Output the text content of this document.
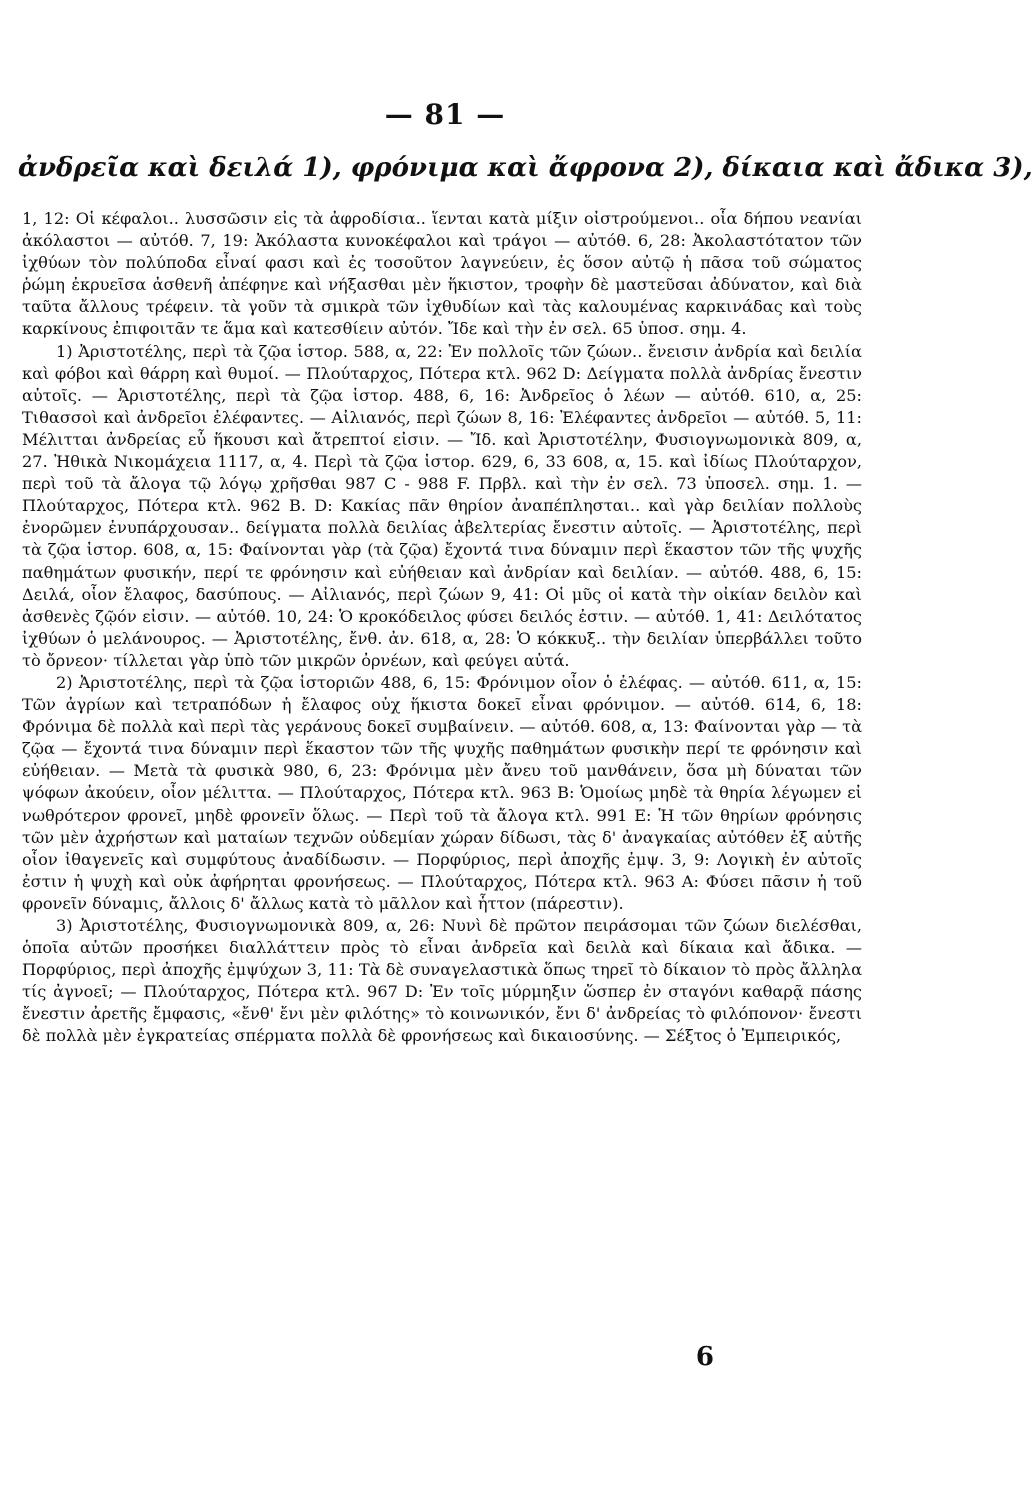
— 81 —
ἀνδρεῖα καὶ δειλά 1), φρόνιμα καὶ ἄφρονα 2), δίκαια καὶ ἄδικα 3),

1, 12: Οἱ κέφαλοι.. λυσσῶσιν εἰς τὰ ἀφροδίσια.. ἵενται κατὰ μίξιν οἰστρούμενοι.. οἷα δήπου νεανίαι ἀκόλαστοι — αὐτόθ. 7, 19: Ἀκόλαστα κυνοκέφαλοι καὶ τράγοι — αὐτόθ. 6, 28: Ἀκολαστότατον τῶν ἰχθύων τὸν πολύποδα εἶναί φασι καὶ ἐς τοσοῦτον λαγνεύειν, ἐς ὅσον αὐτῷ ἡ πᾶσα τοῦ σώματος ῥώμη ἐκρυεῖσα ἀσθενῆ ἀπέφηνε καὶ νήξασθαι μὲν ἥκιστον, τροφὴν δὲ μαστεῦσαι ἀδύνατον, καὶ διὰ ταῦτα ἄλλους τρέφειν. τὰ γοῦν τὰ σμικρὰ τῶν ἰχθυδίων καὶ τὰς καλουμένας καρκινάδας καὶ τοὺς καρκίνους ἐπιφοιτᾶν τε ἅμα καὶ κατεσθίειν αὐτόν. Ἴδε καὶ τὴν ἐν σελ. 65 ὑποσ. σημ. 4.

1) Ἀριστοτέλης, περὶ τὰ ζῷα ἱστορ. 588, α, 22: Ἐν πολλοῖς τῶν ζώων.. ἔνεισιν ἀνδρία καὶ δειλία καὶ φόβοι καὶ θάρρη καὶ θυμοί. — Πλούταρχος, Πότερα κτλ. 962 D: Δείγματα πολλὰ ἀνδρίας ἔνεστιν αὐτοῖς. — Ἀριστοτέλης, περὶ τὰ ζῷα ἱστορ. 488, 6, 16: Ἀνδρεῖος ὁ λέων — αὐτόθ. 610, α, 25: Τιθασσοὶ καὶ ἀνδρεῖοι ἐλέφαντες. — Αἰλιανός, περὶ ζώων 8, 16: Ἐλέφαντες ἀνδρεῖοι — αὐτόθ. 5, 11: Μέλιτται ἀνδρείας εὖ ἥκουσι καὶ ἄτρεπτοί εἰσιν. — Ἴδ. καὶ Ἀριστοτέλην, Φυσιογνωμονικὰ 809, α, 27. Ἠθικὰ Νικομάχεια 1117, α, 4. Περὶ τὰ ζῷα ἱστορ. 629, 6, 33 608, α, 15. καὶ ἰδίως Πλούταρχον, περὶ τοῦ τὰ ἄλογα τῷ λόγῳ χρῆσθαι 987 C - 988 F. Πρβλ. καὶ τὴν ἐν σελ. 73 ὑποσελ. σημ. 1. — Πλούταρχος, Πότερα κτλ. 962 B. D: Κακίας πᾶν θηρίον ἀναπέπλησται.. καὶ γὰρ δειλίαν πολλοὺς ἐνορῶμεν ἐνυπάρχουσαν.. δείγματα πολλὰ δειλίας ἀβελτερίας ἔνεστιν αὐτοῖς. — Ἀριστοτέλης, περὶ τὰ ζῷα ἱστορ. 608, α, 15: Φαίνονται γὰρ (τὰ ζῷα) ἔχοντά τινα δύναμιν περὶ ἕκαστον τῶν τῆς ψυχῆς παθημάτων φυσικήν, περί τε φρόνησιν καὶ εὐήθειαν καὶ ἀνδρίαν καὶ δειλίαν. — αὐτόθ. 488, 6, 15: Δειλά, οἷον ἔλαφος, δασύπους. — Αἰλιανός, περὶ ζώων 9, 41: Οἱ μῦς οἱ κατὰ τὴν οἰκίαν δειλὸν καὶ ἀσθενὲς ζῷόν εἰσιν. — αὐτόθ. 10, 24: Ὁ κροκόδειλος φύσει δειλός ἐστιν. — αὐτόθ. 1, 41: Δειλότατος ἰχθύων ὁ μελάνουρος. — Ἀριστοτέλης, ἔνθ. ἀν. 618, α, 28: Ὁ κόκκυξ.. τὴν δειλίαν ὑπερβάλλει τοῦτο τὸ ὄρνεον· τίλλεται γὰρ ὑπὸ τῶν μικρῶν ὀρνέων, καὶ φεύγει αὐτά.

2) Ἀριστοτέλης, περὶ τὰ ζῷα ἱστοριῶν 488, 6, 15: Φρόνιμον οἷον ὁ ἐλέφας. — αὐτόθ. 611, α, 15: Τῶν ἀγρίων καὶ τετραπόδων ἡ ἔλαφος οὐχ ἥκιστα δοκεῖ εἶναι φρόνιμον. — αὐτόθ. 614, 6, 18: Φρόνιμα δὲ πολλὰ καὶ περὶ τὰς γεράνους δοκεῖ συμβαίνειν. — αὐτόθ. 608, α, 13: Φαίνονται γὰρ — τὰ ζῷα — ἔχοντά τινα δύναμιν περὶ ἕκαστον τῶν τῆς ψυχῆς παθημάτων φυσικὴν περί τε φρόνησιν καὶ εὐήθειαν. — Μετὰ τὰ φυσικὰ 980, 6, 23: Φρόνιμα μὲν ἄνευ τοῦ μανθάνειν, ὅσα μὴ δύναται τῶν ψόφων ἀκούειν, οἷον μέλιττα. — Πλούταρχος, Πότερα κτλ. 963 B: Ὁμοίως μηδὲ τὰ θηρία λέγωμεν εἰ νωθρότερον φρονεῖ, μηδὲ φρονεῖν ὅλως. — Περὶ τοῦ τὰ ἄλογα κτλ. 991 E: Ἡ τῶν θηρίων φρόνησις τῶν μὲν ἀχρήστων καὶ ματαίων τεχνῶν οὐδεμίαν χώραν δίδωσι, τὰς δ' ἀναγκαίας αὐτόθεν ἐξ αὑτῆς οἷον ἰθαγενεῖς καὶ συμφύτους ἀναδίδωσιν. — Πορφύριος, περὶ ἀποχῆς ἐμψ. 3, 9: Λογικὴ ἐν αὐτοῖς ἐστιν ἡ ψυχὴ καὶ οὐκ ἀφήρηται φρονήσεως. — Πλούταρχος, Πότερα κτλ. 963 A: Φύσει πᾶσιν ἡ τοῦ φρονεῖν δύναμις, ἄλλοις δ' ἄλλως κατὰ τὸ μᾶλλον καὶ ἧττον (πάρεστιν).

3) Ἀριστοτέλης, Φυσιογνωμονικὰ 809, α, 26: Νυνὶ δὲ πρῶτον πειράσομαι τῶν ζώων διελέσθαι, ὁποῖα αὐτῶν προσήκει διαλλάττειν πρὸς τὸ εἶναι ἀνδρεῖα καὶ δειλὰ καὶ δίκαια καὶ ἄδικα. — Πορφύριος, περὶ ἀποχῆς ἐμψύχων 3, 11: Τὰ δὲ συναγελαστικὰ ὅπως τηρεῖ τὸ δίκαιον τὸ πρὸς ἄλληλα τίς ἀγνοεῖ; — Πλούταρχος, Πότερα κτλ. 967 D: Ἐν τοῖς μύρμηξιν ὥσπερ ἐν σταγόνι καθαρᾷ πάσης ἔνεστιν ἀρετῆς ἔμφασις, «ἔνθ' ἔνι μὲν φιλότης» τὸ κοινωνικόν, ἔνι δ' ἀνδρείας τὸ φιλόπονον· ἔνεστι δὲ πολλὰ μὲν ἐγκρατείας σπέρματα πολλὰ δὲ φρονήσεως καὶ δικαιοσύνης. — Σέξτος ὁ Ἐμπειρικός,

6
